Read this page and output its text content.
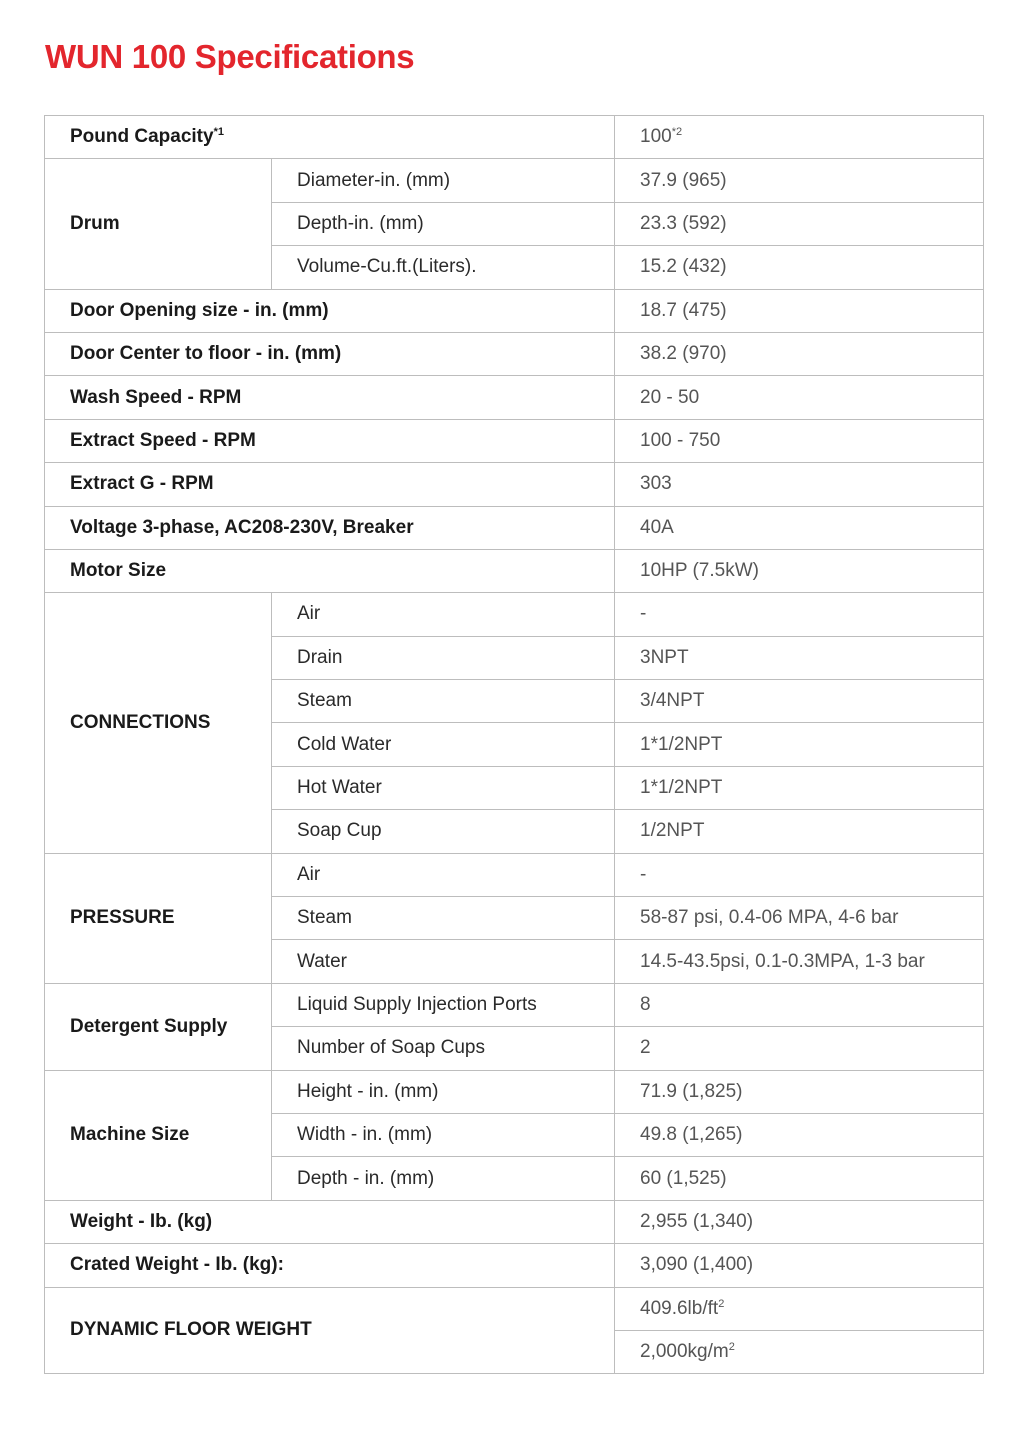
WUN 100 Specifications
Pound Capacity$^{*1}$		100$^{*2}$
Drum	Diameter-in. (mm)	37.9 (965)
	Depth-in. (mm)	23.3 (592)
	Volume-Cu.ft.(Liters).	15.2 (432)
Door Opening size - in. (mm)		18.7 (475)
Door Center to floor - in. (mm)		38.2 (970)
Wash Speed - RPM		20 - 50
Extract Speed - RPM		100 - 750
Extract G - RPM		303
Voltage 3-phase, AC208-230V, Breaker		40A
Motor Size		10HP (7.5kW)
CONNECTIONS	Air	-
	Drain	3NPT
	Steam	3/4NPT
	Cold Water	1*1/2NPT
	Hot Water	1*1/2NPT
	Soap Cup	1/2NPT
PRESSURE	Air	-
	Steam	58-87 psi, 0.4-06 MPA, 4-6 bar
	Water	14.5-43.5psi, 0.1-0.3MPA, 1-3 bar
Detergent Supply	Liquid Supply Injection Ports	8
	Number of Soap Cups	2
Machine Size	Height - in. (mm)	71.9 (1,825)
	Width - in. (mm)	49.8 (1,265)
	Depth - in. (mm)	60 (1,525)
Weight - Ib. (kg)		2,955 (1,340)
Crated Weight - Ib. (kg):		3,090 (1,400)
DYNAMIC FLOOR WEIGHT		$409.6lb/ft^2$
		$2,000kg/m^2$
